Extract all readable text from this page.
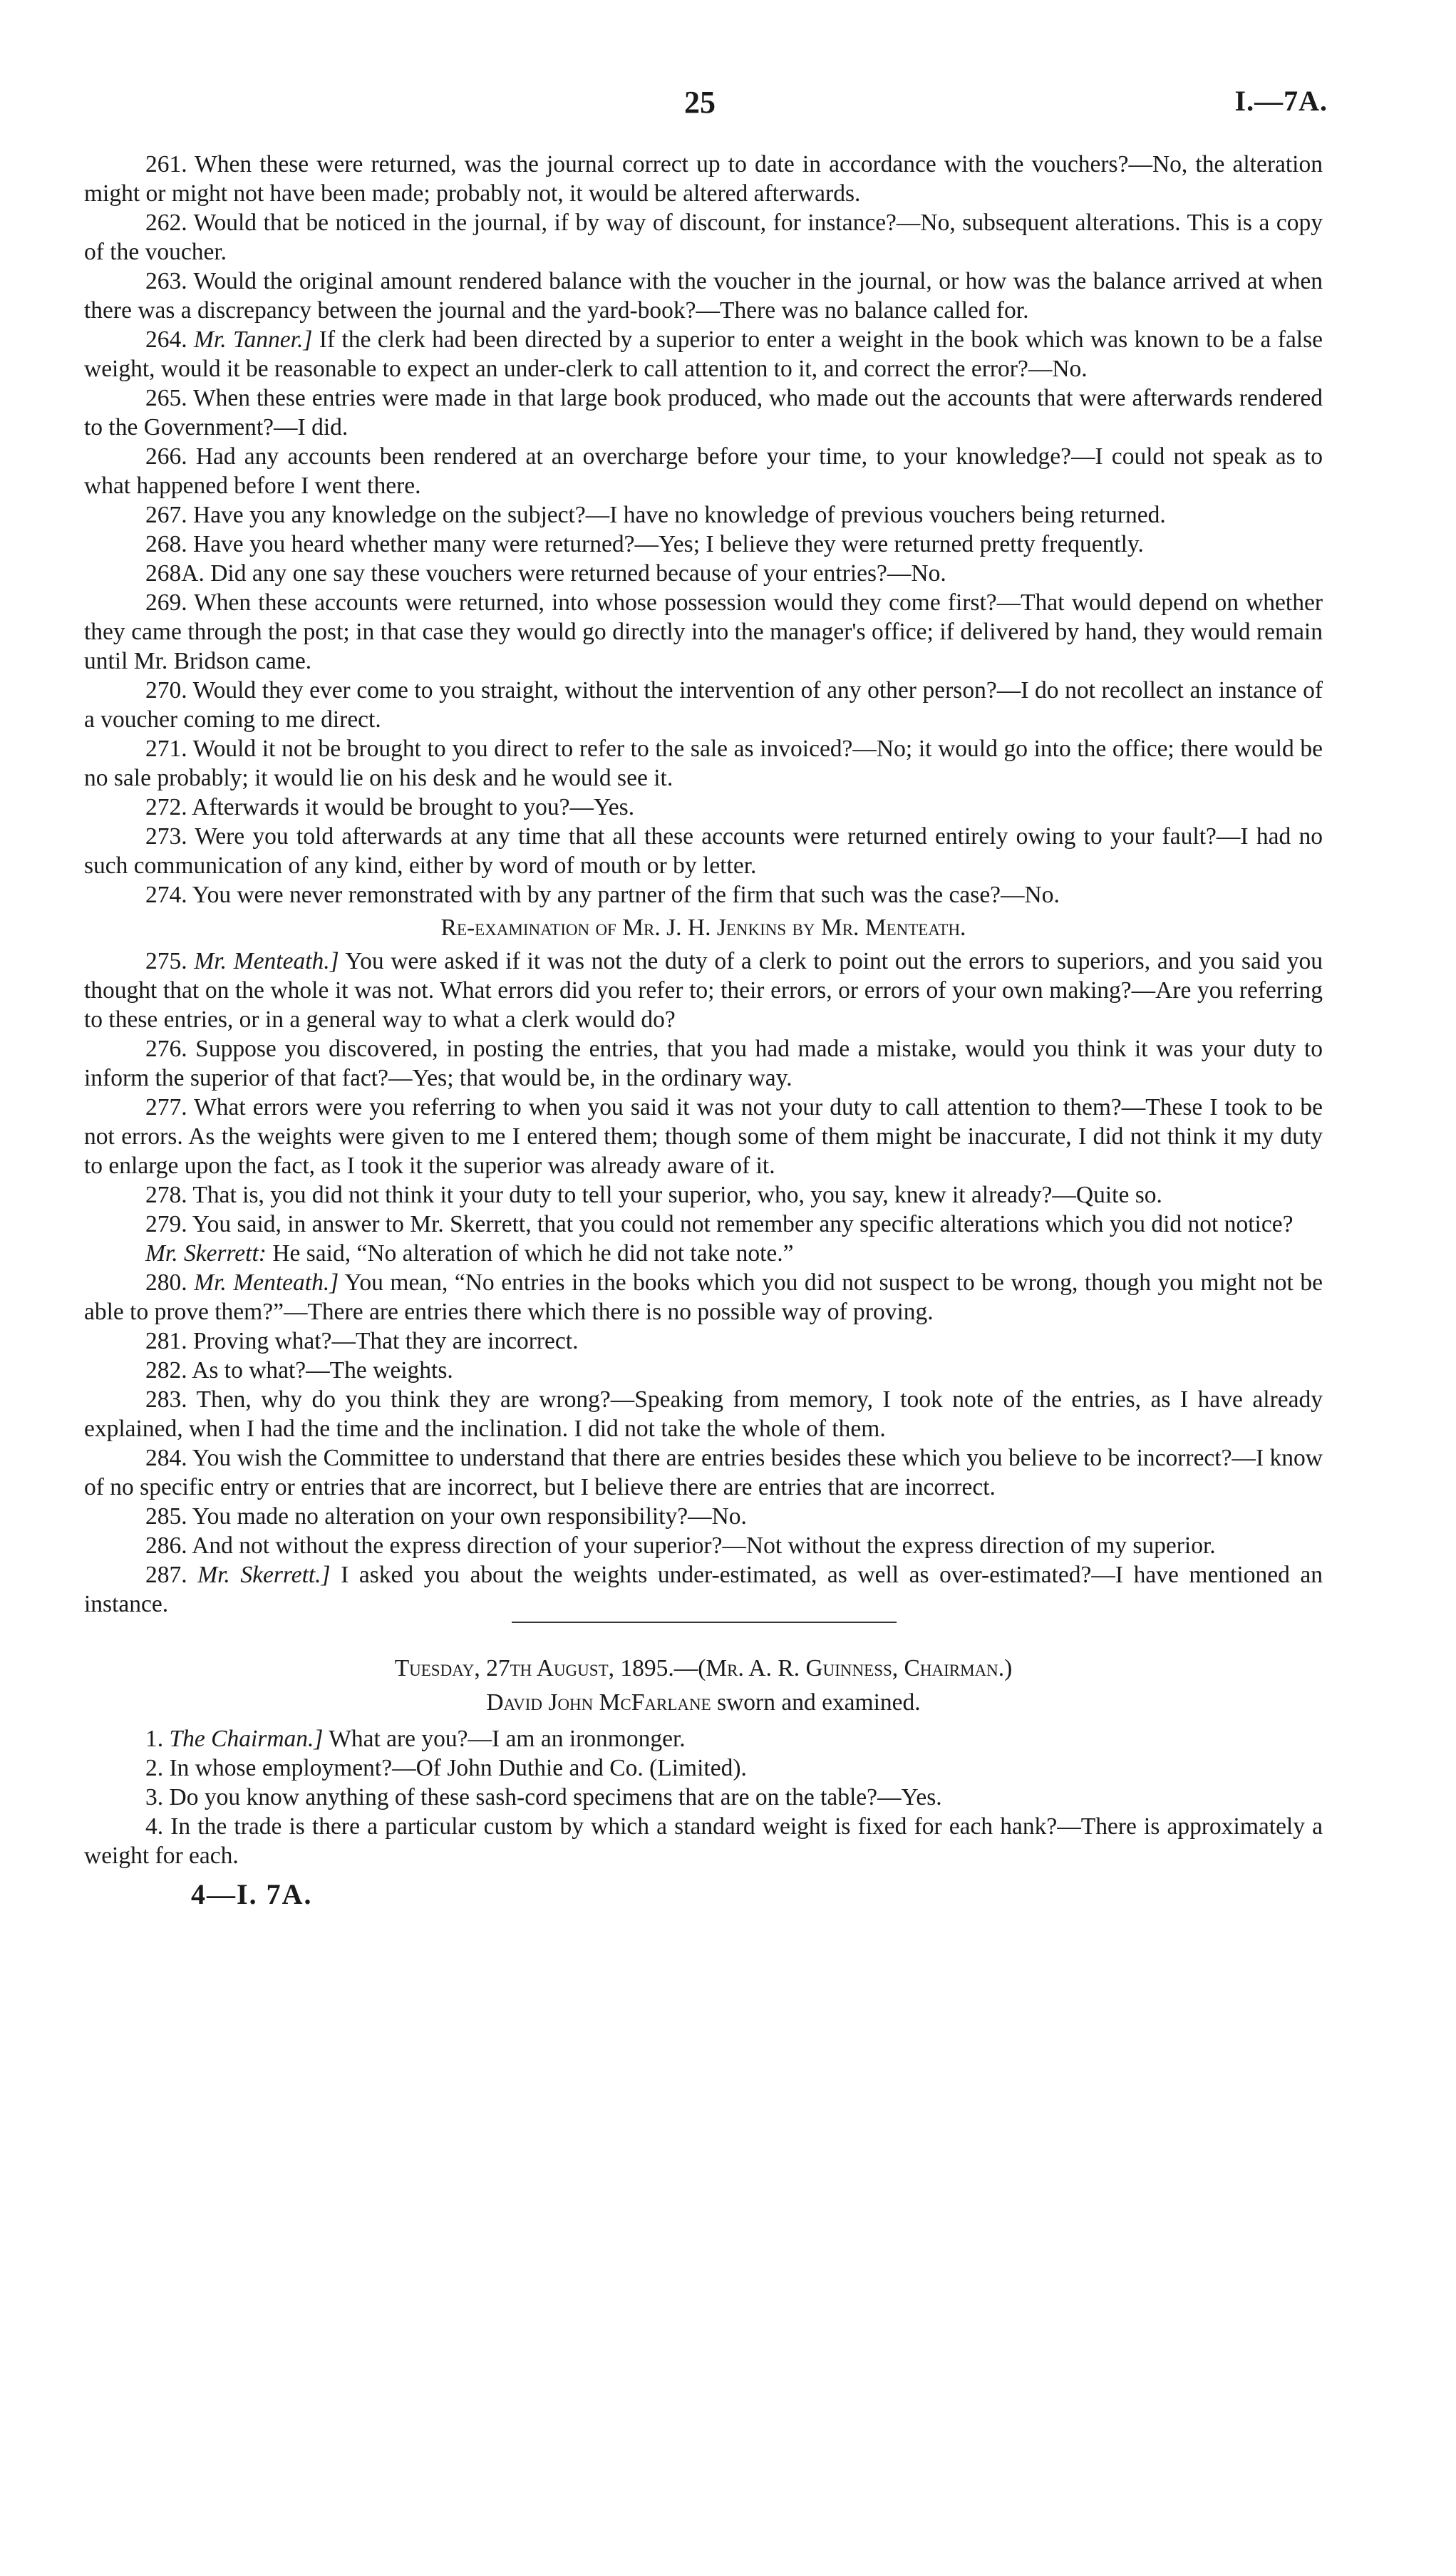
25	I.—7A.

261. When these were returned, was the journal correct up to date in accordance with the vouchers?—No, the alteration might or might not have been made; probably not, it would be altered afterwards.

262. Would that be noticed in the journal, if by way of discount, for instance?—No, subsequent alterations. This is a copy of the voucher.

263. Would the original amount rendered balance with the voucher in the journal, or how was the balance arrived at when there was a discrepancy between the journal and the yard-book?—There was no balance called for.

264. Mr. Tanner.] If the clerk had been directed by a superior to enter a weight in the book which was known to be a false weight, would it be reasonable to expect an under-clerk to call attention to it, and correct the error?—No.

265. When these entries were made in that large book produced, who made out the accounts that were afterwards rendered to the Government?—I did.

266. Had any accounts been rendered at an overcharge before your time, to your knowledge?—I could not speak as to what happened before I went there.

267. Have you any knowledge on the subject?—I have no knowledge of previous vouchers being returned.

268. Have you heard whether many were returned?—Yes; I believe they were returned pretty frequently.

268A. Did any one say these vouchers were returned because of your entries?—No.

269. When these accounts were returned, into whose possession would they come first?—That would depend on whether they came through the post; in that case they would go directly into the manager's office; if delivered by hand, they would remain until Mr. Bridson came.

270. Would they ever come to you straight, without the intervention of any other person?—I do not recollect an instance of a voucher coming to me direct.

271. Would it not be brought to you direct to refer to the sale as invoiced?—No; it would go into the office; there would be no sale probably; it would lie on his desk and he would see it.

272. Afterwards it would be brought to you?—Yes.

273. Were you told afterwards at any time that all these accounts were returned entirely owing to your fault?—I had no such communication of any kind, either by word of mouth or by letter.

274. You were never remonstrated with by any partner of the firm that such was the case?—No.

Re-examination of Mr. J. H. Jenkins by Mr. Menteath.

275. Mr. Menteath.] You were asked if it was not the duty of a clerk to point out the errors to superiors, and you said you thought that on the whole it was not. What errors did you refer to; their errors, or errors of your own making?—Are you referring to these entries, or in a general way to what a clerk would do?

276. Suppose you discovered, in posting the entries, that you had made a mistake, would you think it was your duty to inform the superior of that fact?—Yes; that would be, in the ordinary way.

277. What errors were you referring to when you said it was not your duty to call attention to them?—These I took to be not errors. As the weights were given to me I entered them; though some of them might be inaccurate, I did not think it my duty to enlarge upon the fact, as I took it the superior was already aware of it.

278. That is, you did not think it your duty to tell your superior, who, you say, knew it already?—Quite so.

279. You said, in answer to Mr. Skerrett, that you could not remember any specific alterations which you did not notice?

Mr. Skerrett: He said, “No alteration of which he did not take note.”

280. Mr. Menteath.] You mean, “No entries in the books which you did not suspect to be wrong, though you might not be able to prove them?”—There are entries there which there is no possible way of proving.

281. Proving what?—That they are incorrect.

282. As to what?—The weights.

283. Then, why do you think they are wrong?—Speaking from memory, I took note of the entries, as I have already explained, when I had the time and the inclination. I did not take the whole of them.

284. You wish the Committee to understand that there are entries besides these which you believe to be incorrect?—I know of no specific entry or entries that are incorrect, but I believe there are entries that are incorrect.

285. You made no alteration on your own responsibility?—No.

286. And not without the express direction of your superior?—Not without the express direction of my superior.

287. Mr. Skerrett.] I asked you about the weights under-estimated, as well as over-estimated?—I have mentioned an instance.

Tuesday, 27th August, 1895.—(Mr. A. R. Guinness, Chairman.)
David John McFarlane sworn and examined.

1. The Chairman.] What are you?—I am an ironmonger.

2. In whose employment?—Of John Duthie and Co. (Limited).

3. Do you know anything of these sash-cord specimens that are on the table?—Yes.

4. In the trade is there a particular custom by which a standard weight is fixed for each hank?—There is approximately a weight for each.

4—I. 7A.
